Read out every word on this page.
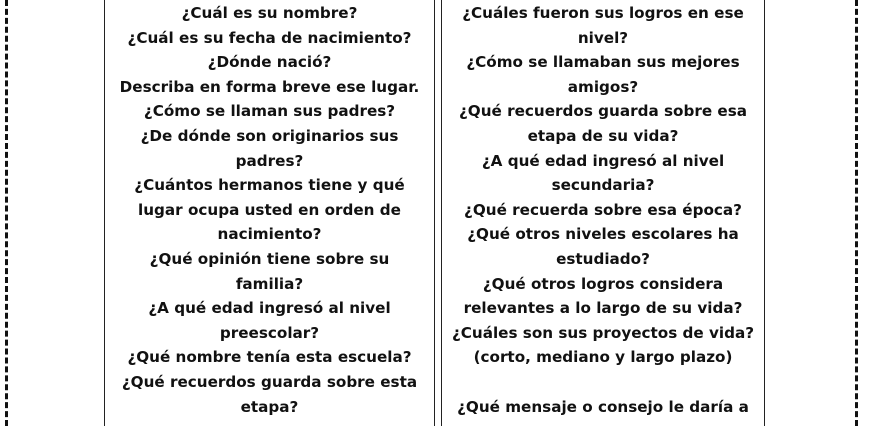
¿Cuál es su nombre?
¿Cuál es su fecha de nacimiento?
¿Dónde nació?
Describa en forma breve ese lugar.
¿Cómo se llaman sus padres?
¿De dónde son originarios sus
padres?
¿Cuántos hermanos tiene y qué
lugar ocupa usted en orden de
nacimiento?
¿Qué opinión tiene sobre su
familia?
¿A qué edad ingresó al nivel
preescolar?
¿Qué nombre tenía esta escuela?
¿Qué recuerdos guarda sobre esta
etapa?
¿Cuáles fueron sus logros en ese
nivel?
¿Cómo se llamaban sus mejores
amigos?
¿Qué recuerdos guarda sobre esa
etapa de su vida?
¿A qué edad ingresó al nivel
secundaria?
¿Qué recuerda sobre esa época?
¿Qué otros niveles escolares ha
estudiado?
¿Qué otros logros considera
relevantes a lo largo de su vida?
¿Cuáles son sus proyectos de vida?
(corto, mediano y largo plazo)
¿Qué mensaje o consejo le daría a
